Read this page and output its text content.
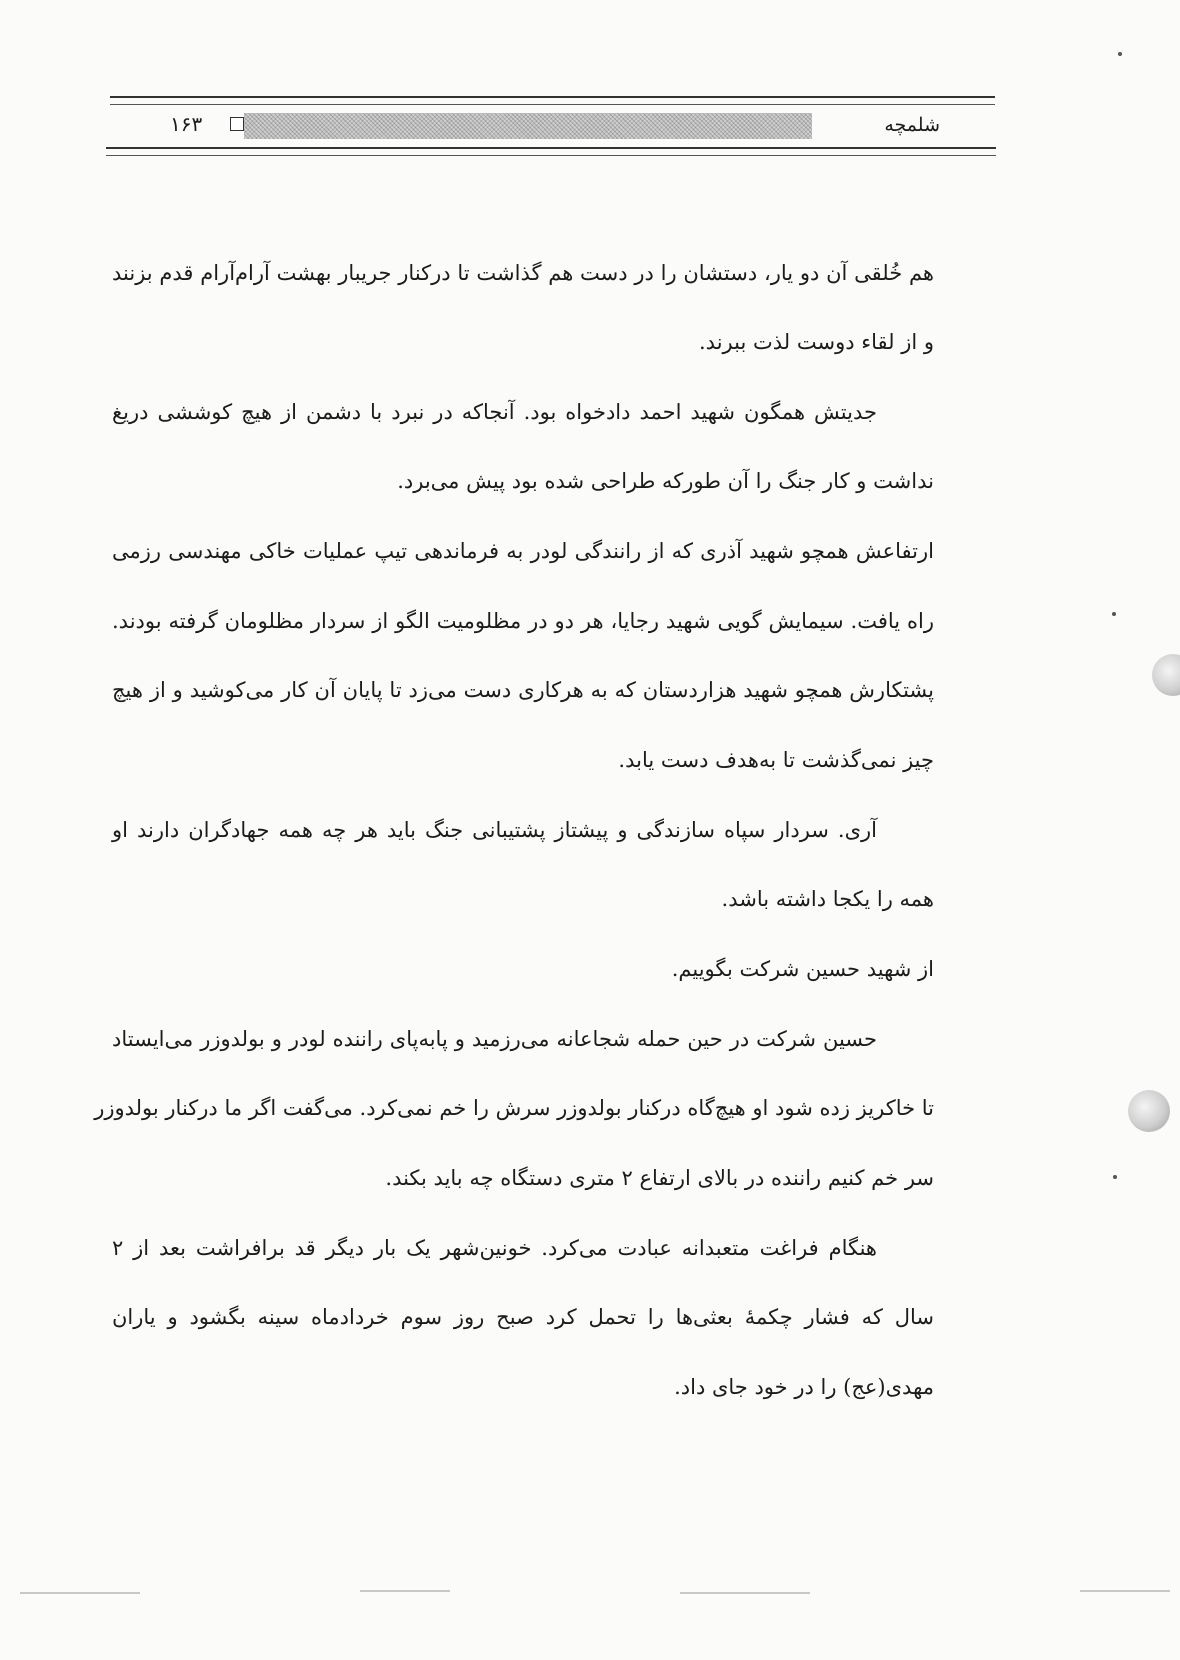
شلمچه
۱۶۳
هم خُلقی آن دو یار، دستشان را در دست هم گذاشت تا درکنار جریبار بهشت آرام‌آرام قدم بزنند
و از لقاء دوست لذت ببرند.
جدیتش همگون شهید احمد دادخواه بود. آنجاکه در نبرد با دشمن از هیچ کوششی دریغ
نداشت و کار جنگ را آن طورکه طراحی شده بود پیش می‌برد.
ارتفاعش همچو شهید آذری که از رانندگی لودر به فرماندهی تیپ عملیات خاکی مهندسی رزمی
راه یافت. سیمایش گویی شهید رجایا، هر دو در مظلومیت الگو از سردار مظلومان گرفته بودند.
پشتکارش همچو شهید هزاردستان که به هرکاری دست می‌زد تا پایان آن کار می‌کوشید و از هیچ
چیز نمی‌گذشت تا به‌هدف دست یابد.
آری. سردار سپاه سازندگی و پیشتاز پشتیبانی جنگ باید هر چه همه جهادگران دارند او
همه را یکجا داشته باشد.
از شهید حسین شرکت بگوییم.
حسین شرکت در حین حمله شجاعانه می‌رزمید و پابه‌پای راننده لودر و بولدوزر می‌ایستاد
تا خاکریز زده شود او هیچ‌گاه درکنار بولدوزر سرش را خم نمی‌کرد. می‌گفت اگر ما درکنار بولدوزر
سر خم کنیم راننده در بالای ارتفاع ۲ متری دستگاه چه باید بکند.
هنگام فراغت متعبدانه عبادت می‌کرد. خونین‌شهر یک بار دیگر قد برافراشت بعد از ۲
سال که فشار چکمهٔ بعثی‌ها را تحمل کرد صبح روز سوم خردادماه سینه بگشود و یاران
مهدی(عج) را در خود جای داد.
